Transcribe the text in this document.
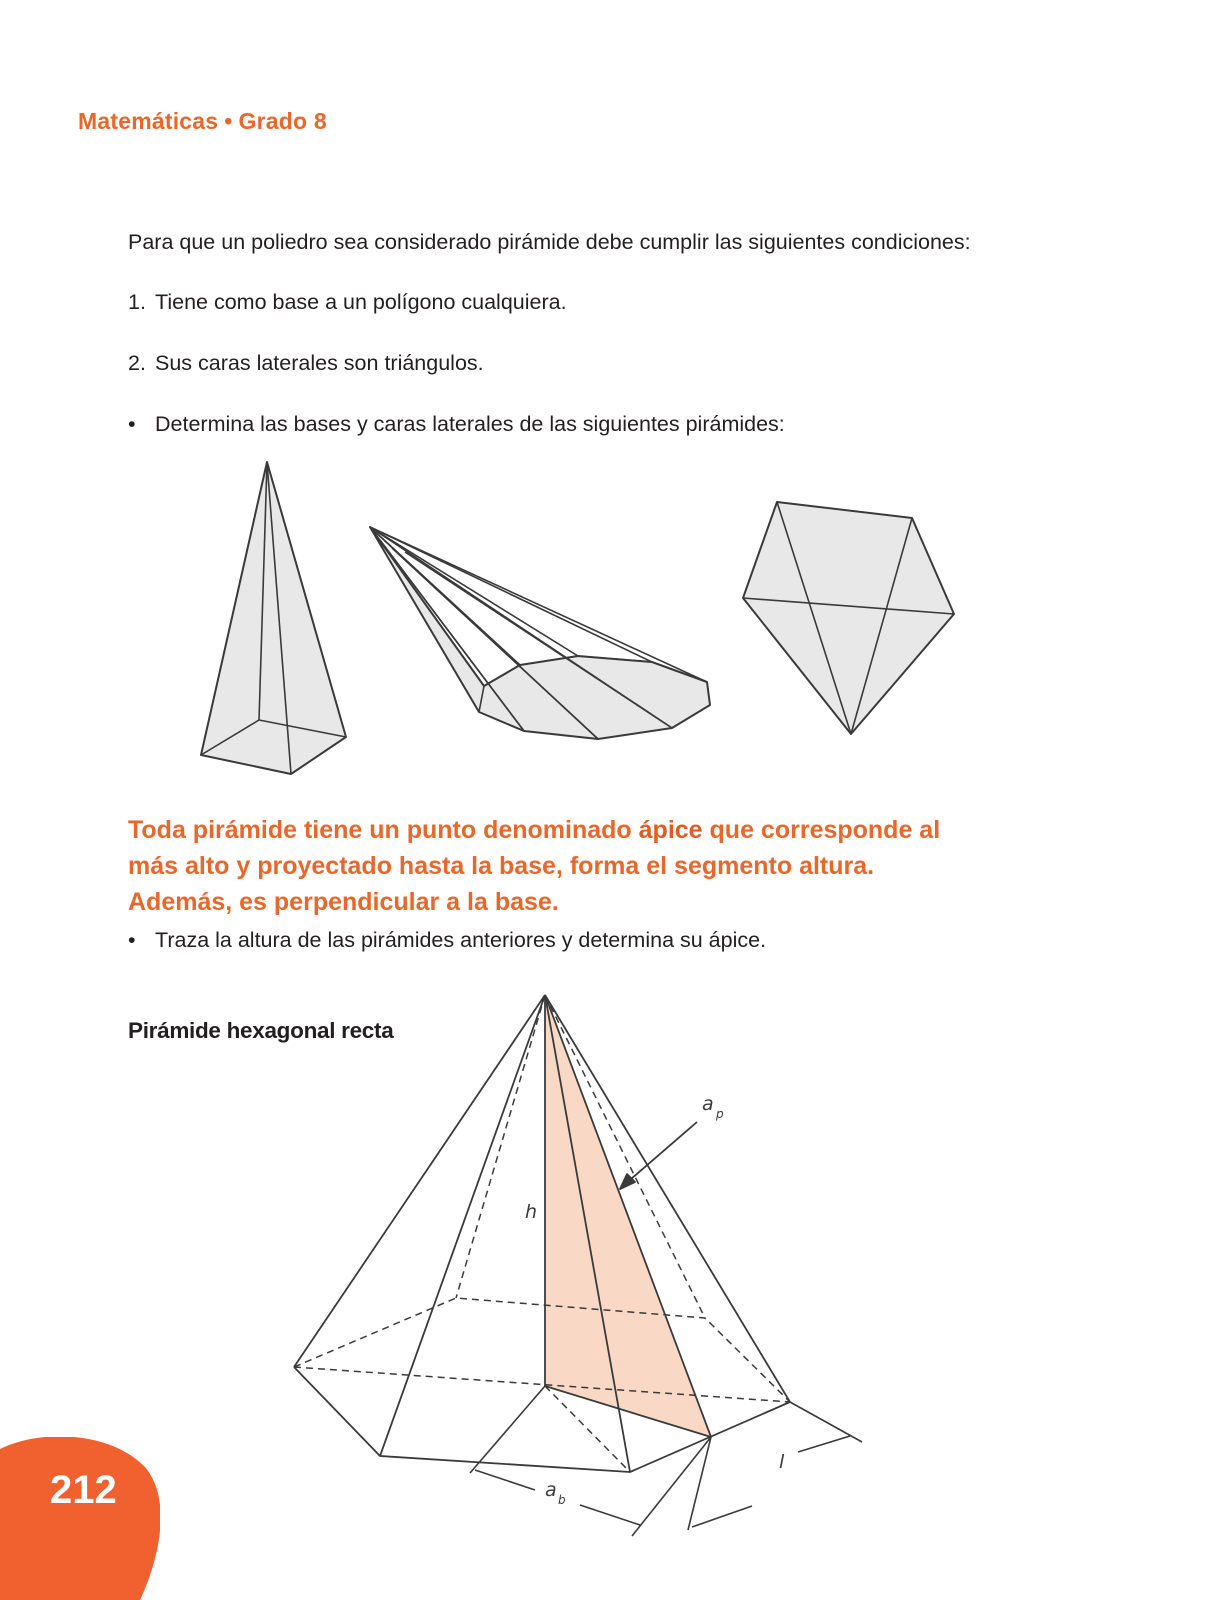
Matemáticas • Grado 8
Para que un poliedro sea considerado pirámide debe cumplir las siguientes condiciones:
1. Tiene como base a un polígono cualquiera.
2. Sus caras laterales son triángulos.
• Determina las bases y caras laterales de las siguientes pirámides:
Toda pirámide tiene un punto denominado ápice que corresponde al más alto y proyectado hasta la base, forma el segmento altura. Además, es perpendicular a la base.
• Traza la altura de las pirámides anteriores y determina su ápice.
Pirámide hexagonal recta
h
a p
a b
l
212
